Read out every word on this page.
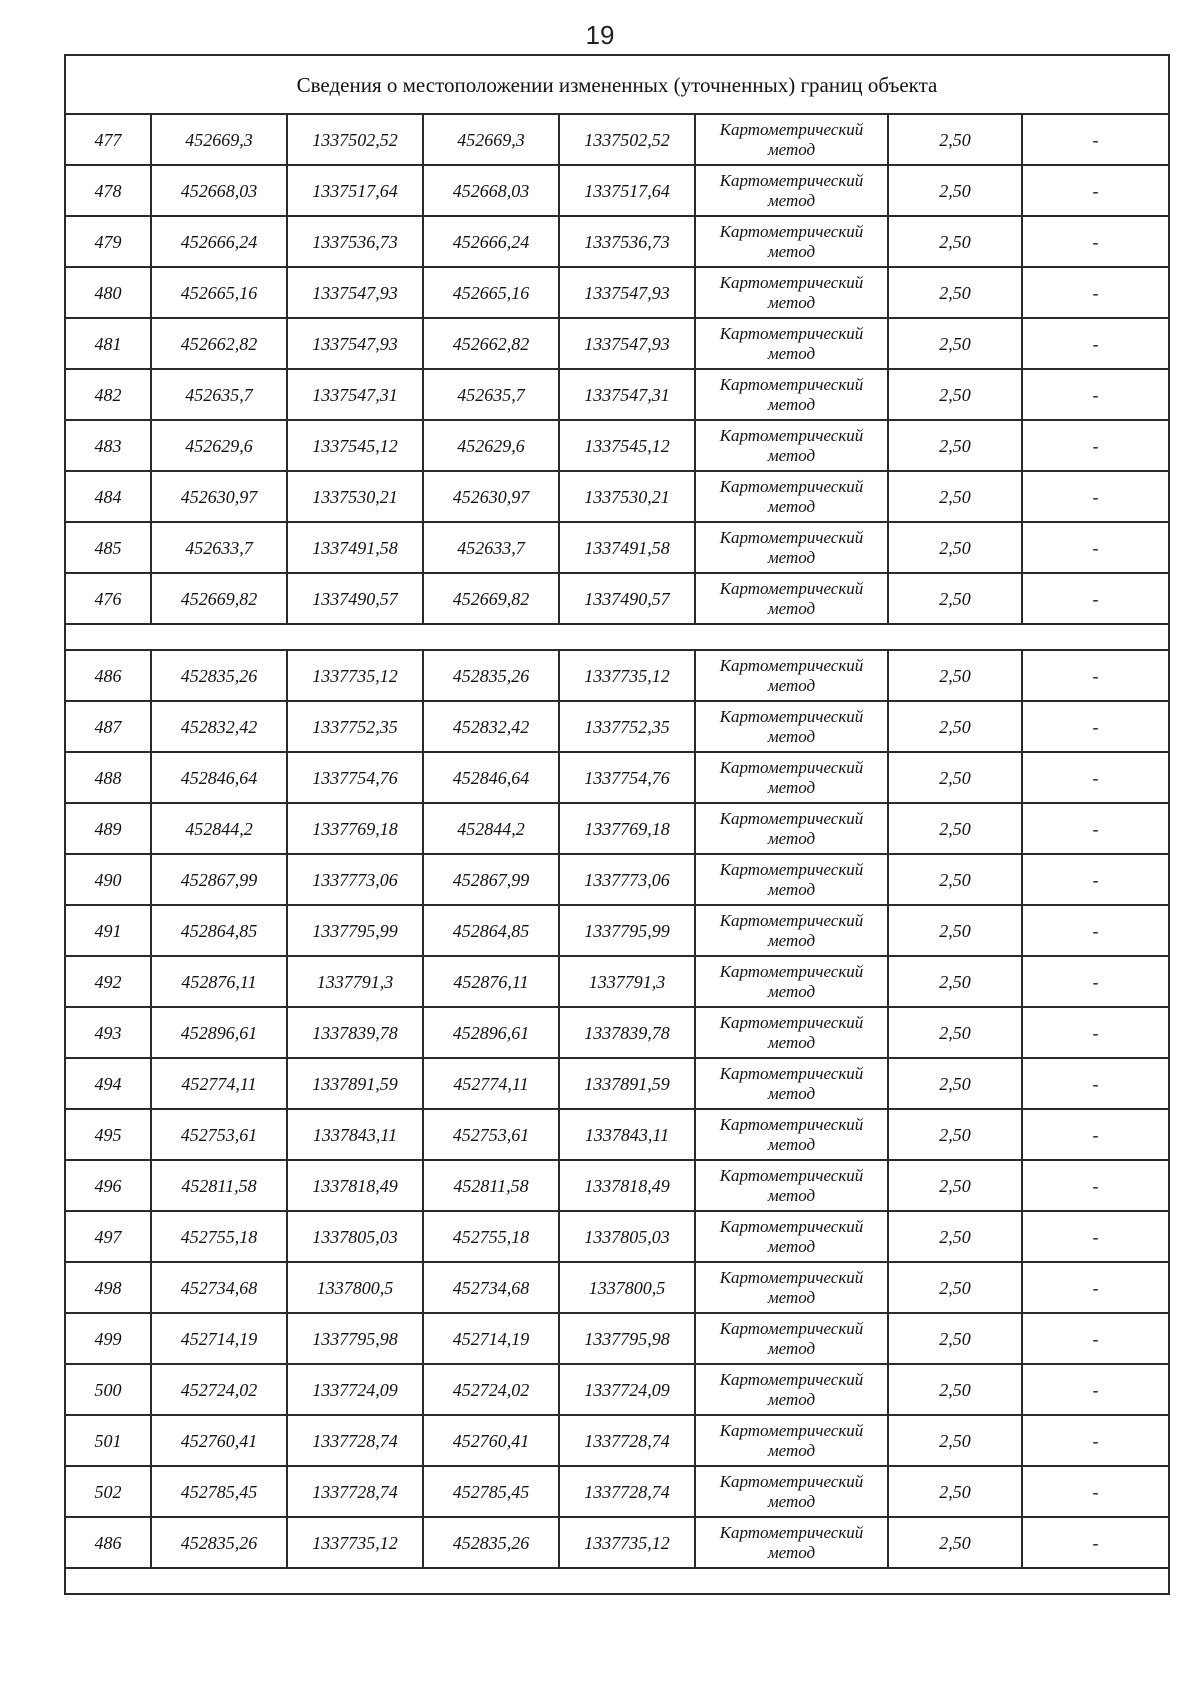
19
Сведения о местоположении измененных (уточненных) границ объекта							
477	452669,3	1337502,52	452669,3	1337502,52	Картометрический метод	2,50	-
478	452668,03	1337517,64	452668,03	1337517,64	Картометрический метод	2,50	-
479	452666,24	1337536,73	452666,24	1337536,73	Картометрический метод	2,50	-
480	452665,16	1337547,93	452665,16	1337547,93	Картометрический метод	2,50	-
481	452662,82	1337547,93	452662,82	1337547,93	Картометрический метод	2,50	-
482	452635,7	1337547,31	452635,7	1337547,31	Картометрический метод	2,50	-
483	452629,6	1337545,12	452629,6	1337545,12	Картометрический метод	2,50	-
484	452630,97	1337530,21	452630,97	1337530,21	Картометрический метод	2,50	-
485	452633,7	1337491,58	452633,7	1337491,58	Картометрический метод	2,50	-
476	452669,82	1337490,57	452669,82	1337490,57	Картометрический метод	2,50	-

486	452835,26	1337735,12	452835,26	1337735,12	Картометрический метод	2,50	-
487	452832,42	1337752,35	452832,42	1337752,35	Картометрический метод	2,50	-
488	452846,64	1337754,76	452846,64	1337754,76	Картометрический метод	2,50	-
489	452844,2	1337769,18	452844,2	1337769,18	Картометрический метод	2,50	-
490	452867,99	1337773,06	452867,99	1337773,06	Картометрический метод	2,50	-
491	452864,85	1337795,99	452864,85	1337795,99	Картометрический метод	2,50	-
492	452876,11	1337791,3	452876,11	1337791,3	Картометрический метод	2,50	-
493	452896,61	1337839,78	452896,61	1337839,78	Картометрический метод	2,50	-
494	452774,11	1337891,59	452774,11	1337891,59	Картометрический метод	2,50	-
495	452753,61	1337843,11	452753,61	1337843,11	Картометрический метод	2,50	-
496	452811,58	1337818,49	452811,58	1337818,49	Картометрический метод	2,50	-
497	452755,18	1337805,03	452755,18	1337805,03	Картометрический метод	2,50	-
498	452734,68	1337800,5	452734,68	1337800,5	Картометрический метод	2,50	-
499	452714,19	1337795,98	452714,19	1337795,98	Картометрический метод	2,50	-
500	452724,02	1337724,09	452724,02	1337724,09	Картометрический метод	2,50	-
501	452760,41	1337728,74	452760,41	1337728,74	Картометрический метод	2,50	-
502	452785,45	1337728,74	452785,45	1337728,74	Картометрический метод	2,50	-
486	452835,26	1337735,12	452835,26	1337735,12	Картометрический метод	2,50	-
